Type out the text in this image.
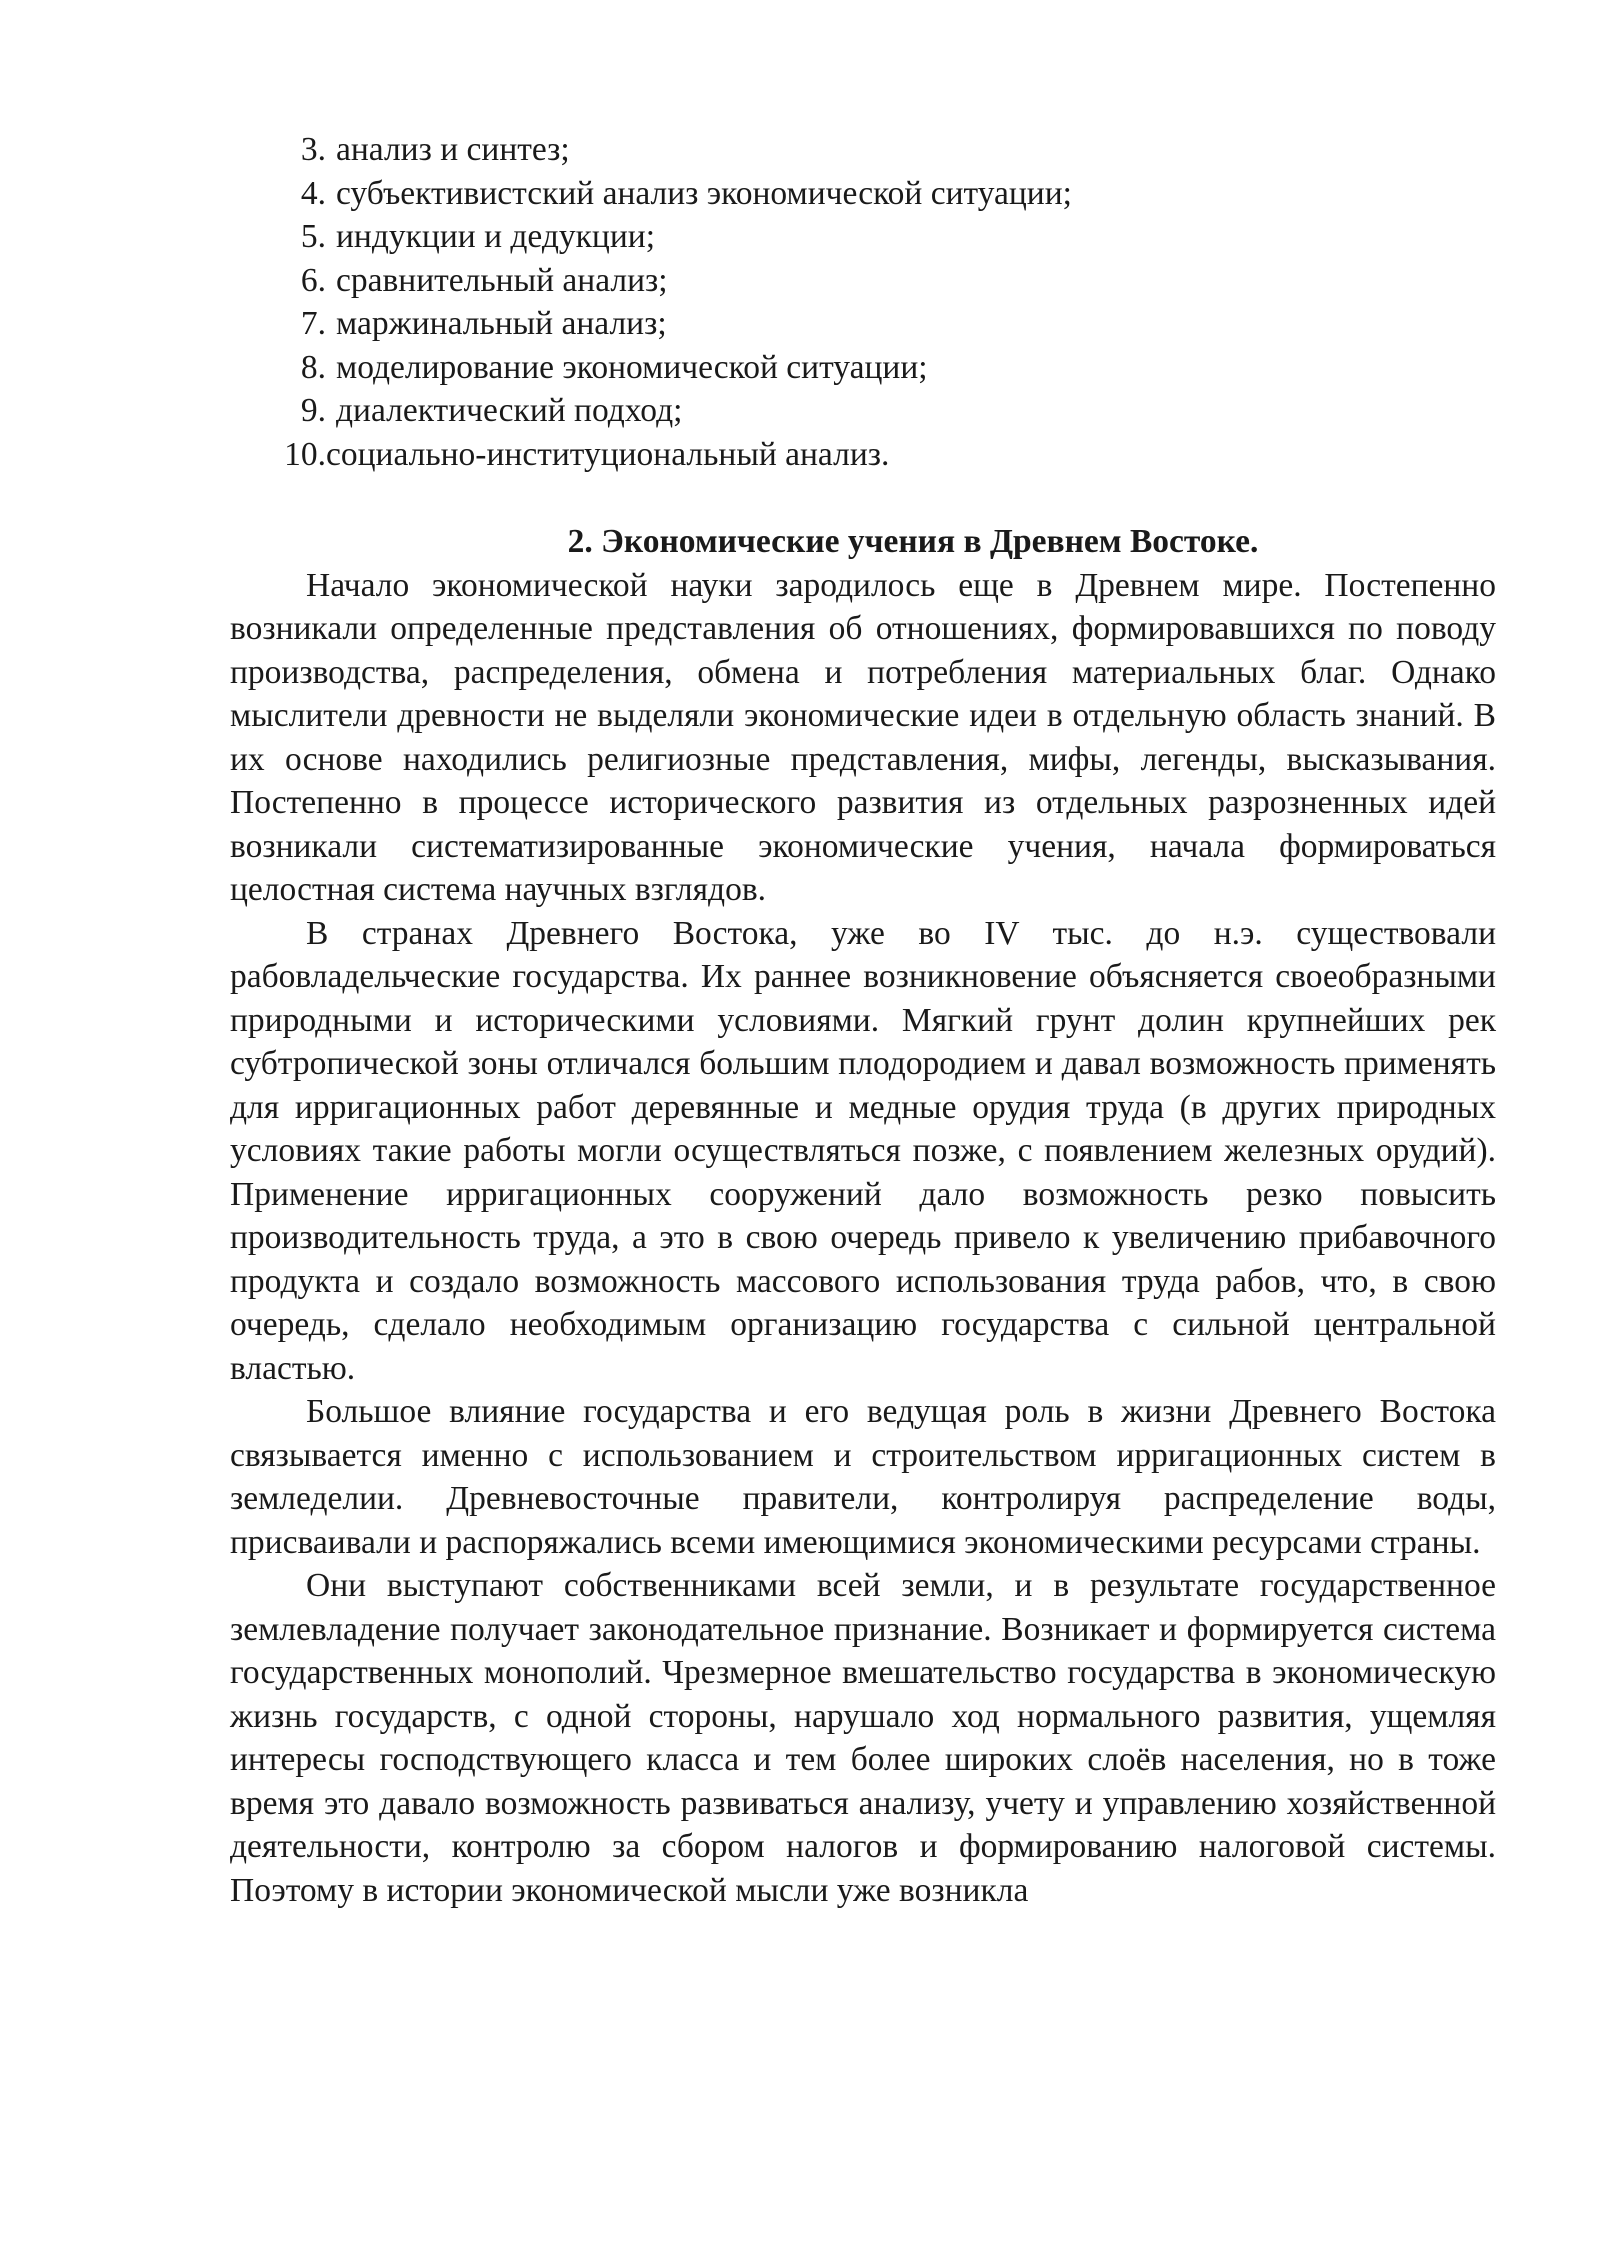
3. анализ и синтез;
4. субъективистский анализ экономической ситуации;
5. индукции и дедукции;
6. сравнительный анализ;
7. маржинальный анализ;
8. моделирование экономической ситуации;
9. диалектический подход;
10.социально-институциональный анализ.
2. Экономические учения в Древнем Востоке.

Начало экономической науки зародилось еще в Древнем мире. Постепенно возникали определенные представления об отношениях, формировавшихся по поводу производства, распределения, обмена и потребления материальных благ. Однако мыслители древности не выделяли экономические идеи в отдельную область знаний. В их основе находились религиозные представления, мифы, легенды, высказывания. Постепенно в процессе исторического развития из отдельных разрозненных идей возникали систематизированные экономические учения, начала формироваться целостная система научных взглядов.

В странах Древнего Востока, уже во IV тыс. до н.э. существовали рабовладельческие государства. Их раннее возникновение объясняется своеобразными природными и историческими условиями. Мягкий грунт долин крупнейших рек субтропической зоны отличался большим плодородием и давал возможность применять для ирригационных работ деревянные и медные орудия труда (в других природных условиях такие работы могли осуществляться позже, с появлением железных орудий). Применение ирригационных сооружений дало возможность резко повысить производительность труда, а это в свою очередь привело к увеличению прибавочного продукта и создало возможность массового использования труда рабов, что, в свою очередь, сделало необходимым организацию государства с сильной центральной властью.

Большое влияние государства и его ведущая роль в жизни Древнего Востока связывается именно с использованием и строительством ирригационных систем в земледелии. Древневосточные правители, контролируя распределение воды, присваивали и распоряжались всеми имеющимися экономическими ресурсами страны.

Они выступают собственниками всей земли, и в результате государственное землевладение получает законодательное признание. Возникает и формируется система государственных монополий. Чрезмерное вмешательство государства в экономическую жизнь государств, с одной стороны, нарушало ход нормального развития, ущемляя интересы господствующего класса и тем более широких слоёв населения, но в тоже время это давало возможность развиваться анализу, учету и управлению хозяйственной деятельности, контролю за сбором налогов и формированию налоговой системы. Поэтому в истории экономической мысли уже возникла
